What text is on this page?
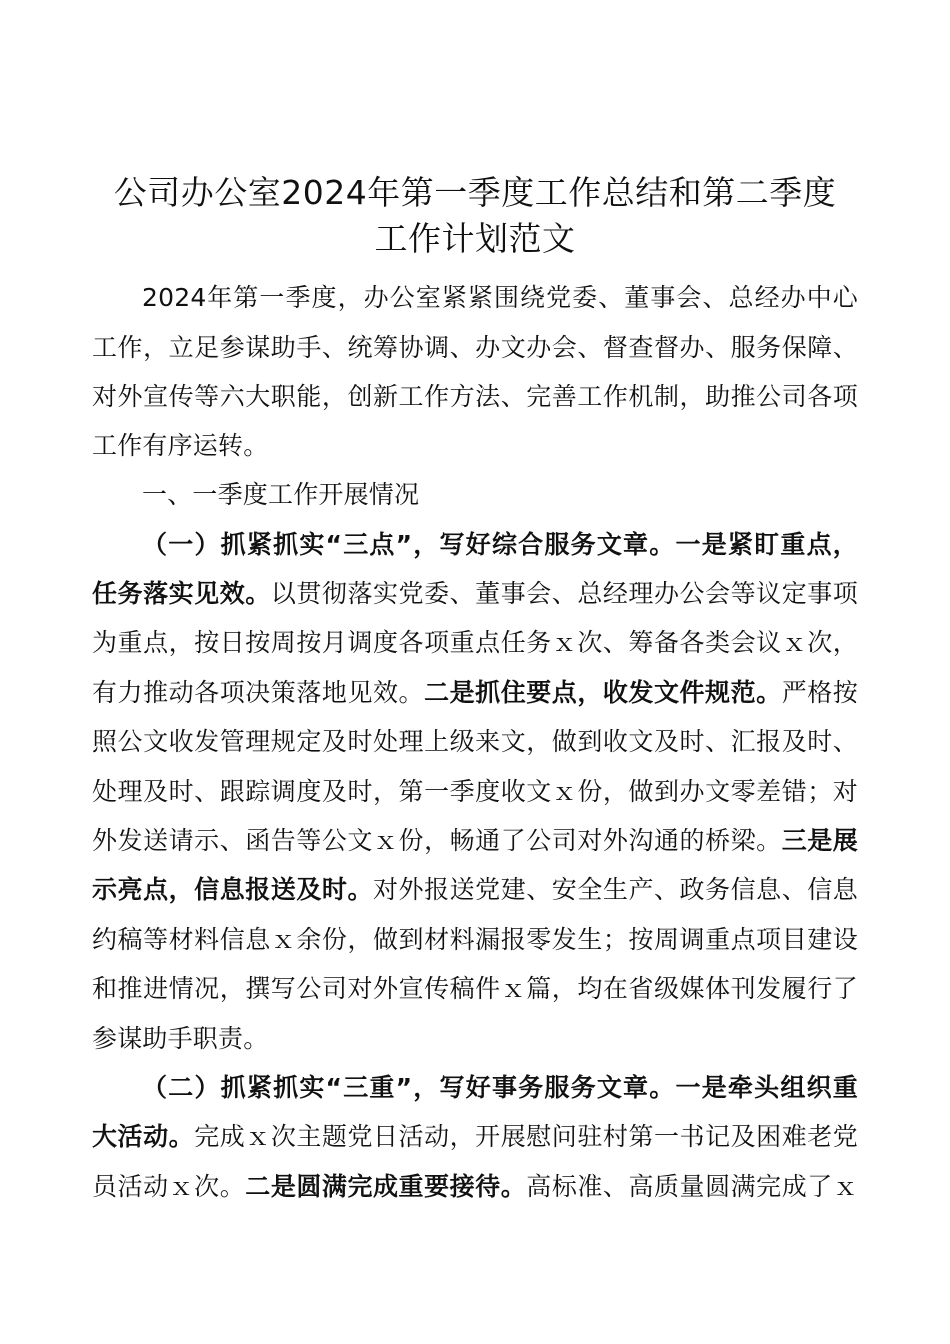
公司办公室2024年第一季度工作总结和第二季度
工作计划范文
2024年第一季度，办公室紧紧围绕党委、董事会、总经办中心
工作，立足参谋助手、统筹协调、办文办会、督查督办、服务保障、
对外宣传等六大职能，创新工作方法、完善工作机制，助推公司各项
工作有序运转。
一、一季度工作开展情况
（一）抓紧抓实“三点”，写好综合服务文章。一是紧盯重点，
任务落实见效。以贯彻落实党委、董事会、总经理办公会等议定事项
为重点，按日按周按月调度各项重点任务ｘ次、筹备各类会议ｘ次，
有力推动各项决策落地见效。二是抓住要点，收发文件规范。严格按
照公文收发管理规定及时处理上级来文，做到收文及时、汇报及时、
处理及时、跟踪调度及时，第一季度收文ｘ份，做到办文零差错；对
外发送请示、函告等公文ｘ份，畅通了公司对外沟通的桥梁。三是展
示亮点，信息报送及时。对外报送党建、安全生产、政务信息、信息
约稿等材料信息ｘ余份，做到材料漏报零发生；按周调重点项目建设
和推进情况，撰写公司对外宣传稿件ｘ篇，均在省级媒体刊发履行了
参谋助手职责。
（二）抓紧抓实“三重”，写好事务服务文章。一是牵头组织重
大活动。完成ｘ次主题党日活动，开展慰问驻村第一书记及困难老党
员活动ｘ次。二是圆满完成重要接待。高标准、高质量圆满完成了ｘ
